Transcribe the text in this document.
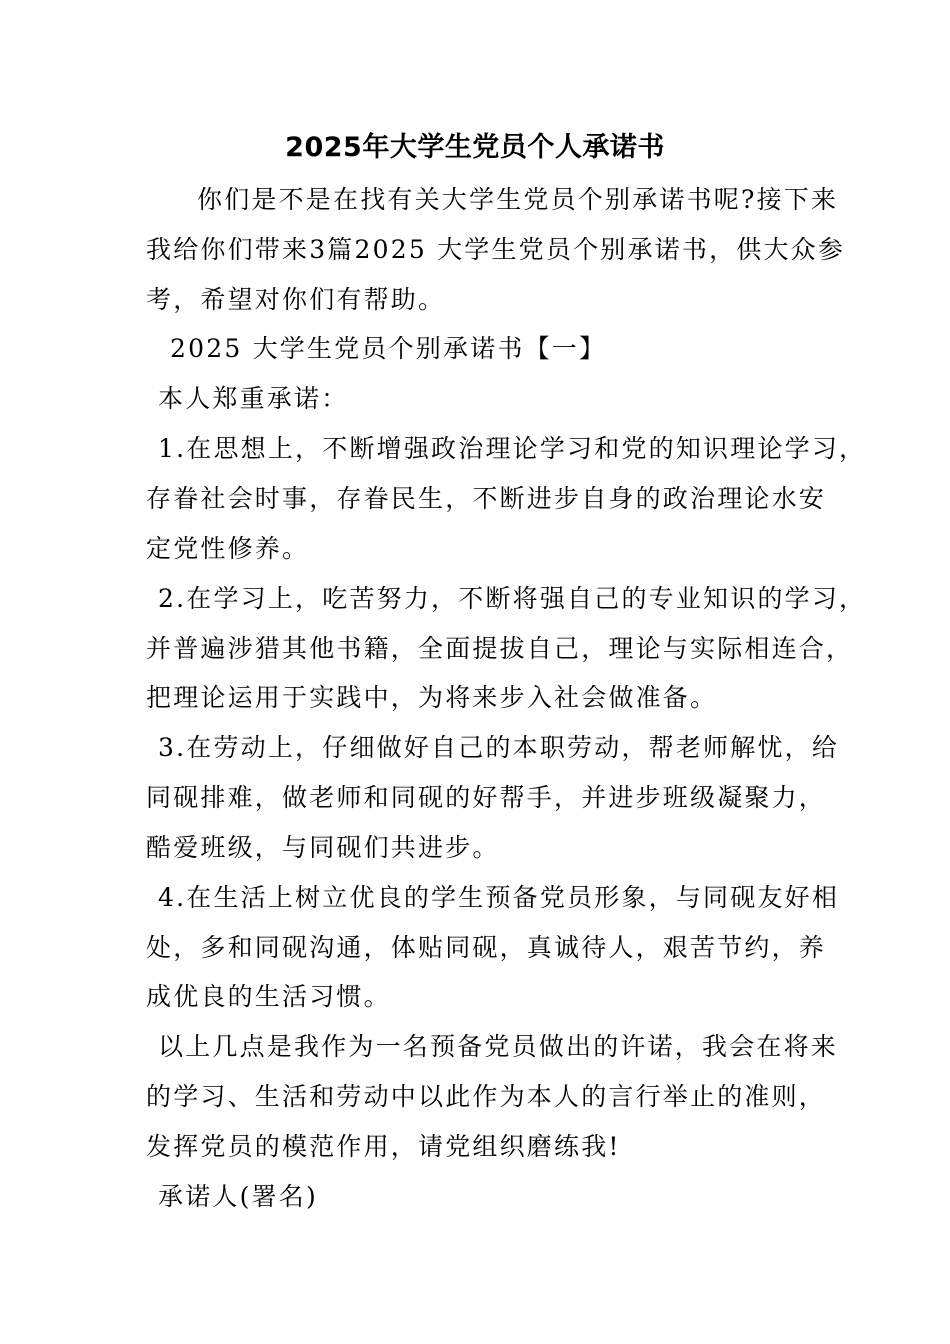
2025年大学生党员个人承诺书
你们是不是在找有关大学生党员个别承诺书呢?接下来
我给你们带来3篇2025 大学生党员个别承诺书，供大众参
考，希望对你们有帮助。
2025 大学生党员个别承诺书【一】
本人郑重承诺：
1.在思想上，不断增强政治理论学习和党的知识理论学习，
存眷社会时事，存眷民生，不断进步自身的政治理论水安
定党性修养。
2.在学习上，吃苦努力，不断将强自己的专业知识的学习，
并普遍涉猎其他书籍，全面提拔自己，理论与实际相连合，
把理论运用于实践中，为将来步入社会做准备。
3.在劳动上，仔细做好自己的本职劳动，帮老师解忧，给
同砚排难，做老师和同砚的好帮手，并进步班级凝聚力，
酷爱班级，与同砚们共进步。
4.在生活上树立优良的学生预备党员形象，与同砚友好相
处，多和同砚沟通，体贴同砚，真诚待人，艰苦节约，养
成优良的生活习惯。
以上几点是我作为一名预备党员做出的许诺，我会在将来
的学习、生活和劳动中以此作为本人的言行举止的准则，
发挥党员的模范作用，请党组织磨练我!
承诺人(署名)
